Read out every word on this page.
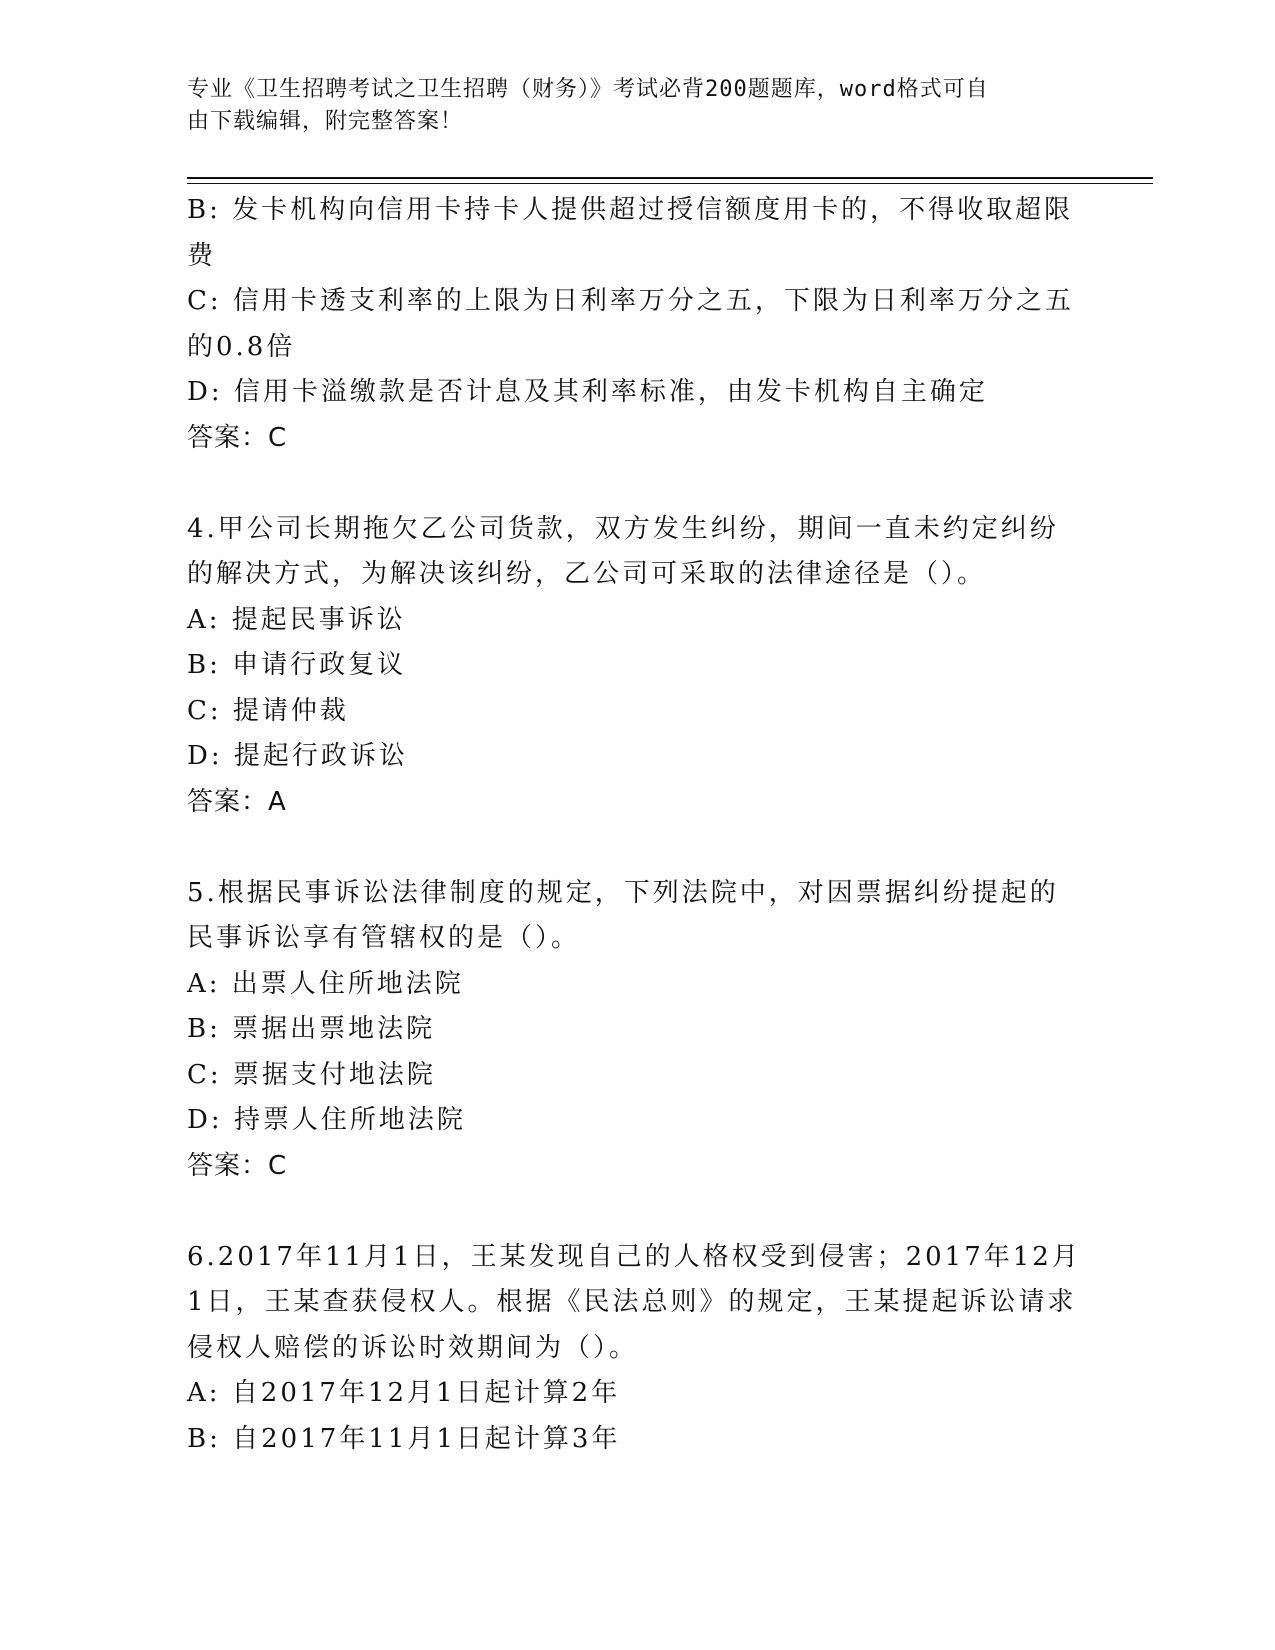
专业《卫生招聘考试之卫生招聘（财务）》考试必背200题题库，word格式可自
由下载编辑，附完整答案！
B: 发卡机构向信用卡持卡人提供超过授信额度用卡的，不得收取超限
费
C: 信用卡透支利率的上限为日利率万分之五，下限为日利率万分之五
的0.8倍
D: 信用卡溢缴款是否计息及其利率标准，由发卡机构自主确定
答案：C
4.甲公司长期拖欠乙公司货款，双方发生纠纷，期间一直未约定纠纷
的解决方式，为解决该纠纷，乙公司可采取的法律途径是（）。
A: 提起民事诉讼
B: 申请行政复议
C: 提请仲裁
D: 提起行政诉讼
答案：A
5.根据民事诉讼法律制度的规定，下列法院中，对因票据纠纷提起的
民事诉讼享有管辖权的是（）。
A: 出票人住所地法院
B: 票据出票地法院
C: 票据支付地法院
D: 持票人住所地法院
答案：C
6.2017年11月1日，王某发现自己的人格权受到侵害；2017年12月
1日，王某查获侵权人。根据《民法总则》的规定，王某提起诉讼请求
侵权人赔偿的诉讼时效期间为（）。
A: 自2017年12月1日起计算2年
B: 自2017年11月1日起计算3年
